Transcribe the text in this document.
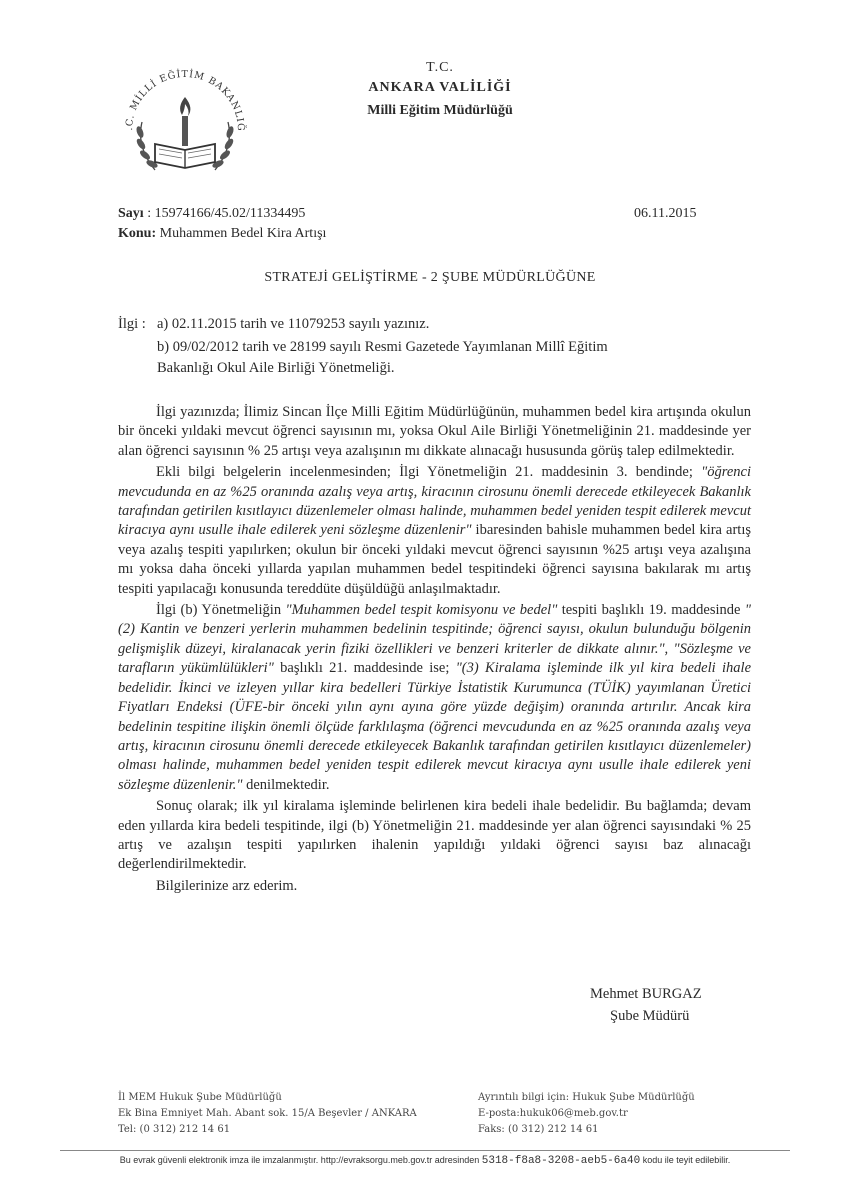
.C. MİLLİ EĞİTİM BAKANLIĞ
T.C.
ANKARA VALİLİĞİ
Milli Eğitim Müdürlüğü
Sayı : 15974166/45.02/11334495
Konu: Muhammen Bedel Kira Artışı
06.11.2015
STRATEJİ GELİŞTİRME - 2 ŞUBE MÜDÜRLÜĞÜNE
İlgi : a) 02.11.2015 tarih ve 11079253 sayılı yazınız.
b) 09/02/2012 tarih ve 28199 sayılı Resmi Gazetede Yayımlanan Millî Eğitim
Bakanlığı Okul Aile Birliği Yönetmeliği.

İlgi yazınızda; İlimiz Sincan İlçe Milli Eğitim Müdürlüğünün, muhammen bedel kira artışında okulun bir önceki yıldaki mevcut öğrenci sayısının mı, yoksa Okul Aile Birliği Yönetmeliğinin 21. maddesinde yer alan öğrenci sayısının % 25 artışı veya azalışının mı dikkate alınacağı hususunda görüş talep edilmektedir.

Ekli bilgi belgelerin incelenmesinden; İlgi Yönetmeliğin 21. maddesinin 3. bendinde; "öğrenci mevcudunda en az %25 oranında azalış veya artış, kiracının cirosunu önemli derecede etkileyecek Bakanlık tarafından getirilen kısıtlayıcı düzenlemeler olması halinde, muhammen bedel yeniden tespit edilerek mevcut kiracıya aynı usulle ihale edilerek yeni sözleşme düzenlenir" ibaresinden bahisle muhammen bedel kira artış veya azalış tespiti yapılırken; okulun bir önceki yıldaki mevcut öğrenci sayısının %25 artışı veya azalışına mı yoksa daha önceki yıllarda yapılan muhammen bedel tespitindeki öğrenci sayısına bakılarak mı artış tespiti yapılacağı konusunda tereddüte düşüldüğü anlaşılmaktadır.

İlgi (b) Yönetmeliğin "Muhammen bedel tespit komisyonu ve bedel" tespiti başlıklı 19. maddesinde "(2) Kantin ve benzeri yerlerin muhammen bedelinin tespitinde; öğrenci sayısı, okulun bulunduğu bölgenin gelişmişlik düzeyi, kiralanacak yerin fiziki özellikleri ve benzeri kriterler de dikkate alınır.", "Sözleşme ve tarafların yükümlülükleri" başlıklı 21. maddesinde ise; "(3) Kiralama işleminde ilk yıl kira bedeli ihale bedelidir. İkinci ve izleyen yıllar kira bedelleri Türkiye İstatistik Kurumunca (TÜİK) yayımlanan Üretici Fiyatları Endeksi (ÜFE-bir önceki yılın aynı ayına göre yüzde değişim) oranında artırılır. Ancak kira bedelinin tespitine ilişkin önemli ölçüde farklılaşma (öğrenci mevcudunda en az %25 oranında azalış veya artış, kiracının cirosunu önemli derecede etkileyecek Bakanlık tarafından getirilen kısıtlayıcı düzenlemeler) olması halinde, muhammen bedel yeniden tespit edilerek mevcut kiracıya aynı usulle ihale edilerek yeni sözleşme düzenlenir." denilmektedir.

Sonuç olarak; ilk yıl kiralama işleminde belirlenen kira bedeli ihale bedelidir. Bu bağlamda; devam eden yıllarda kira bedeli tespitinde, ilgi (b) Yönetmeliğin 21. maddesinde yer alan öğrenci sayısındaki % 25 artış ve azalışın tespiti yapılırken ihalenin yapıldığı yıldaki öğrenci sayısı baz alınacağı değerlendirilmektedir.

Bilgilerinize arz ederim.

Mehmet BURGAZ
Şube Müdürü
İl MEM Hukuk Şube Müdürlüğü
Ek Bina Emniyet Mah. Abant sok. 15/A Beşevler / ANKARA
Tel: (0 312) 212 14 61
Ayrıntılı bilgi için: Hukuk Şube Müdürlüğü
E-posta:hukuk06@meb.gov.tr
Faks: (0 312) 212 14 61
Bu evrak güvenli elektronik imza ile imzalanmıştır. http://evraksorgu.meb.gov.tr adresinden 5318-f8a8-3208-aeb5-6a40 kodu ile teyit edilebilir.
